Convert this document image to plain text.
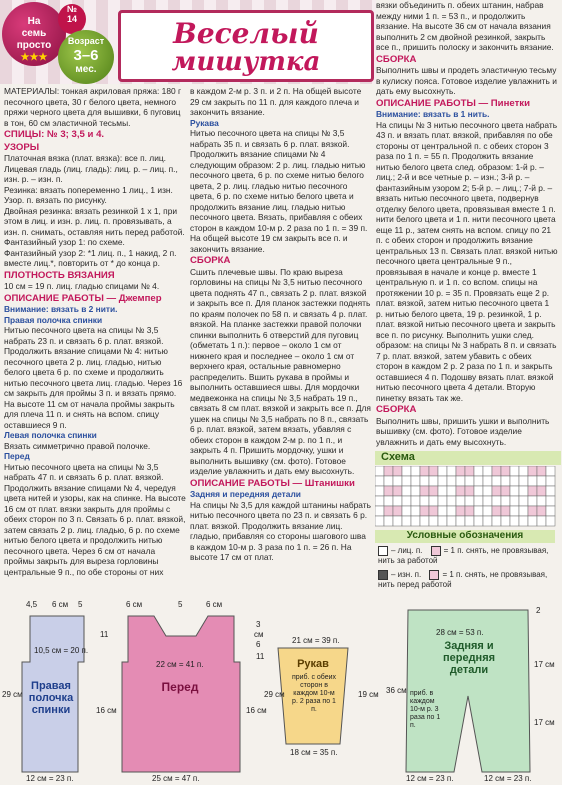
На
семь
просто
★★★
№
14
Возраст
3–6
мес.
Веселый
мишутка

МАТЕРИАЛЫ: тонкая акриловая пряжа: 180 г песочного цвета, 30 г белого цвета, немного пряжи черного цвета для вышивки, 6 пуговиц в тон, 60 см эластичной тесьмы.

СПИЦЫ: № 3; 3,5 и 4.

УЗОРЫ

Платочная вязка (плат. вязка): все п. лиц.

Лицевая гладь (лиц. гладь): лиц. р. – лиц. п., изн. р. – изн. п.

Резинка: вязать попеременно 1 лиц., 1 изн. Узор. п. вязать по рисунку.

Двойная резинка: вязать резинкой 1 х 1, при этом в лиц. и изн. р. лиц. п. провязывать, а изн. п. снимать, оставляя нить перед работой.

Фантазийный узор 1: по схеме.

Фантазийный узор 2: *1 лиц. п., 1 накид, 2 п. вместе лиц.*, повторить от * до конца р.

ПЛОТНОСТЬ ВЯЗАНИЯ

10 см = 19 п. лиц. гладью спицами № 4.

ОПИСАНИЕ РАБОТЫ — Джемпер

Внимание: вязать в 2 нити.

Правая полочка спинки

Нитью песочного цвета на спицы № 3,5 набрать 23 п. и связать 6 р. плат. вязкой. Продолжить вязание спицами № 4: нитью песочного цвета 2 р. лиц. гладью, нитью белого цвета 6 р. по схеме и продолжить нитью песочного цвета лиц. гладью. Через 16 см закрыть для проймы 3 п. и вязать прямо. На высоте 11 см от начала проймы закрыть для плеча 11 п. и снять на вспом. спицу оставшиеся 9 п.

Левая полочка спинки

Вязать симметрично правой полочке.

Перед

Нитью песочного цвета на спицы № 3,5 набрать 47 п. и связать 6 р. плат. вязкой. Продолжить вязание спицами № 4, чередуя цвета нитей и узоры, как на спинке. На высоте 16 см от плат. вязки закрыть для проймы с обеих сторон по 3 п. Связать 6 р. плат. вязкой, затем связать 2 р. лиц. гладью, 6 р. по схеме нитью белого цвета и продолжить нитью песочного цвета. Через 6 см от начала проймы закрыть для выреза горловины центральные 9 п., по обе стороны от них

в каждом 2-м р. 3 п. и 2 п. На общей высоте 29 см закрыть по 11 п. для каждого плеча и закончить вязание.

Рукава

Нитью песочного цвета на спицы № 3,5 набрать 35 п. и связать 6 р. плат. вязкой. Продолжить вязание спицами № 4 следующим образом: 2 р. лиц. гладью нитью песочного цвета, 6 р. по схеме нитью белого цвета, 2 р. лиц. гладью нитью песочного цвета, 6 р. по схеме нитью белого цвета и продолжить вязание лиц. гладью нитью песочного цвета. Вязать, прибавляя с обеих сторон в каждом 10-м р. 2 раза по 1 п. = 39 п. На общей высоте 19 см закрыть все п. и закончить вязание.

СБОРКА

Сшить плечевые швы. По краю выреза горловины на спицы № 3,5 нитью песочного цвета поднять 47 п., связать 2 р. плат. вязкой и закрыть все п. Для планок застежки поднять по краям полочек по 58 п. и связать 4 р. плат. вязкой. На планке застежки правой полочки спинки выполнить 6 отверстий для пуговиц (обметать 1 п.): первое – около 1 см от нижнего края и последнее – около 1 см от верхнего края, остальные равномерно распределить. Вшить рукава в проймы и выполнить оставшиеся швы. Для мордочки медвежонка на спицы № 3,5 набрать 19 п., связать 8 см плат. вязкой и закрыть все п. Для ушек на спицы № 3,5 набрать по 8 п., связать 6 р. плат. вязкой, затем вязать, убавляя с обеих сторон в каждом 2-м р. по 1 п., и закрыть 4 п. Пришить мордочку, ушки и выполнить вышивку (см. фото). Готовое изделие увлажнить и дать ему высохнуть.

ОПИСАНИЕ РАБОТЫ — Штанишки

Задняя и передняя детали

На спицы № 3,5 для каждой штанины набрать нитью песочного цвета по 23 п. и связать 6 р. плат. вязкой. Продолжить вязание лиц. гладью, прибавляя со стороны шагового шва в каждом 10-м р. 3 раза по 1 п. = 26 п. На высоте 17 см от плат.

вязки объединить п. обеих штанин, набрав между ними 1 п. = 53 п., и продолжить вязание. На высоте 36 см от начала вязания выполнить 2 см двойной резинкой, закрыть все п., пришить полоску и закончить вязание.

СБОРКА

Выполнить швы и продеть эластичную тесьму в кулиску пояса. Готовое изделие увлажнить и дать ему высохнуть.

ОПИСАНИЕ РАБОТЫ — Пинетки

Внимание: вязать в 1 нить.

На спицы № 3 нитью песочного цвета набрать 43 п. и вязать плат. вязкой, прибавляя по обе стороны от центральной п. с обеих сторон 3 раза по 1 п. = 55 п. Продолжить вязание нитью белого цвета след. образом: 1-й р. – лиц.; 2-й и все четные р. – изн.; 3-й р. – фантазийным узором 2; 5-й р. – лиц.; 7-й р. – вязать нитью песочного цвета, подвернув отделку белого цвета, провязывая вместе 1 п. нити белого цвета и 1 п. нити песочного цвета еще 11 р., затем снять на вспом. спицу по 21 п. с обеих сторон и продолжить вязание центральных 13 п. Связать плат. вязкой нитью песочного цвета центральные 9 п., провязывая в начале и конце р. вместе 1 центральную п. и 1 п. со вспом. спицы на протяжении 10 р. = 35 п. Провязать еще 2 р. плат. вязкой, затем нитью песочного цвета 1 р. нитью белого цвета, 19 р. резинкой, 1 р. плат. вязкой нитью песочного цвета и закрыть все п. по рисунку. Выполнить ушки след. образом: на спицы № 3 набрать 8 п. и связать 7 р. плат. вязкой, затем убавить с обеих сторон в каждом 2 р. 2 раза по 1 п. и закрыть оставшиеся 4 п. Подошву вязать плат. вязкой нитью песочного цвета 4 детали. Вторую пинетку вязать так же.

СБОРКА

Выполнить швы, пришить ушки и выполнить вышивку (см. фото). Готовое изделие увлажнить и дать ему высохнуть.

Схема
Условные обозначения
– лиц. п.	= 1 п. снять, не провязывая, нить за работой
– изн. п.	= 1 п. снять, не провязывая, нить перед работой
Правая полочка спинки
4,5 6 см 5
10,5 см = 20 п.
29 см
11
16 см
12 см = 23 п.
Перед
6 см	5	6 см
22 см = 41 п.
3
см
6
11
16 см
29 см
25 см = 47 п.
21 см = 39 п.
Рукав
приб. с обеих сторон в каждом 10-м р. 2 раза по 1 п.
19 см
18 см = 35 п.
28 см = 53 п.
Задняя и передняя детали
приб. в каждом 10-м р. 3 раза по 1 п.
17 см
36 см
17 см
2
12 см = 23 п.	12 см = 23 п.
